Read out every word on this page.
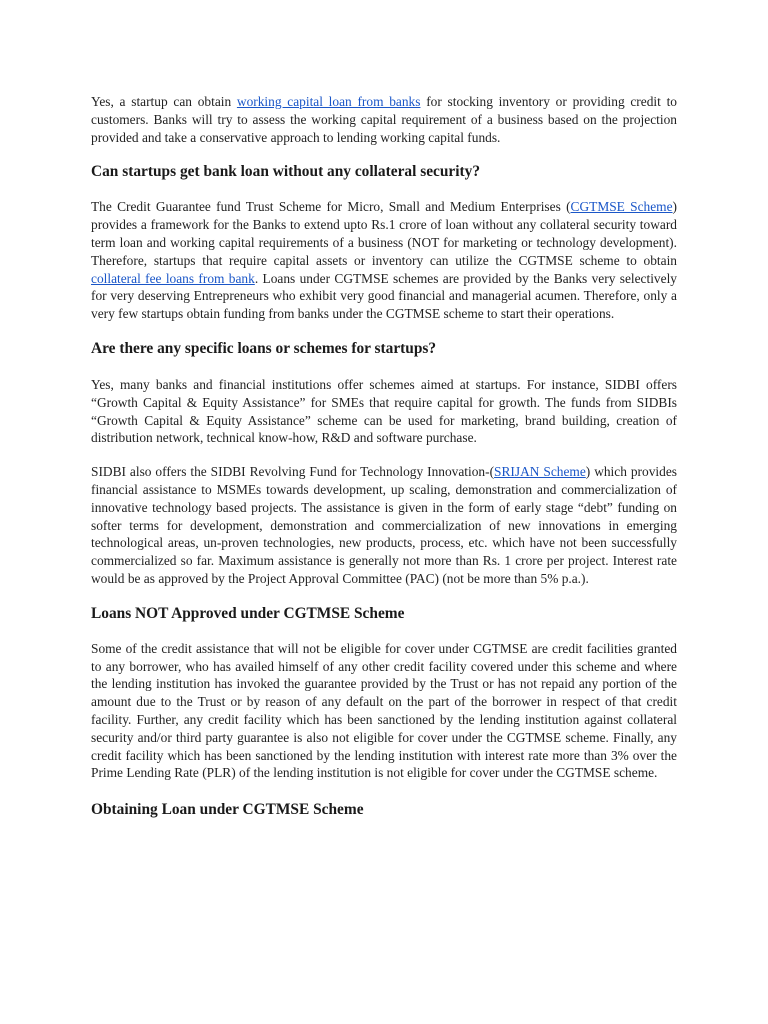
Yes, a startup can obtain working capital loan from banks for stocking inventory or providing credit to customers. Banks will try to assess the working capital requirement of a business based on the projection provided and take a conservative approach to lending working capital funds.

Can startups get bank loan without any collateral security?

The Credit Guarantee fund Trust Scheme for Micro, Small and Medium Enterprises (CGTMSE Scheme) provides a framework for the Banks to extend upto Rs.1 crore of loan without any collateral security toward term loan and working capital requirements of a business (NOT for marketing or technology development). Therefore, startups that require capital assets or inventory can utilize the CGTMSE scheme to obtain collateral fee loans from bank. Loans under CGTMSE schemes are provided by the Banks very selectively for very deserving Entrepreneurs who exhibit very good financial and managerial acumen. Therefore, only a very few startups obtain funding from banks under the CGTMSE scheme to start their operations.

Are there any specific loans or schemes for startups?

Yes, many banks and financial institutions offer schemes aimed at startups. For instance, SIDBI offers “Growth Capital & Equity Assistance” for SMEs that require capital for growth. The funds from SIDBIs “Growth Capital & Equity Assistance” scheme can be used for marketing, brand building, creation of distribution network, technical know-how, R&D and software purchase.

SIDBI also offers the SIDBI Revolving Fund for Technology Innovation-(SRIJAN Scheme) which provides financial assistance to MSMEs towards development, up scaling, demonstration and commercialization of innovative technology based projects. The assistance is given in the form of early stage “debt” funding on softer terms for development, demonstration and commercialization of new innovations in emerging technological areas, un-proven technologies, new products, process, etc. which have not been successfully commercialized so far. Maximum assistance is generally not more than Rs. 1 crore per project. Interest rate would be as approved by the Project Approval Committee (PAC) (not be more than 5% p.a.).

Loans NOT Approved under CGTMSE Scheme

Some of the credit assistance that will not be eligible for cover under CGTMSE are credit facilities granted to any borrower, who has availed himself of any other credit facility covered under this scheme and where the lending institution has invoked the guarantee provided by the Trust or has not repaid any portion of the amount due to the Trust or by reason of any default on the part of the borrower in respect of that credit facility. Further, any credit facility which has been sanctioned by the lending institution against collateral security and/or third party guarantee is also not eligible for cover under the CGTMSE scheme. Finally, any credit facility which has been sanctioned by the lending institution with interest rate more than 3% over the Prime Lending Rate (PLR) of the lending institution is not eligible for cover under the CGTMSE scheme.

Obtaining Loan under CGTMSE Scheme
